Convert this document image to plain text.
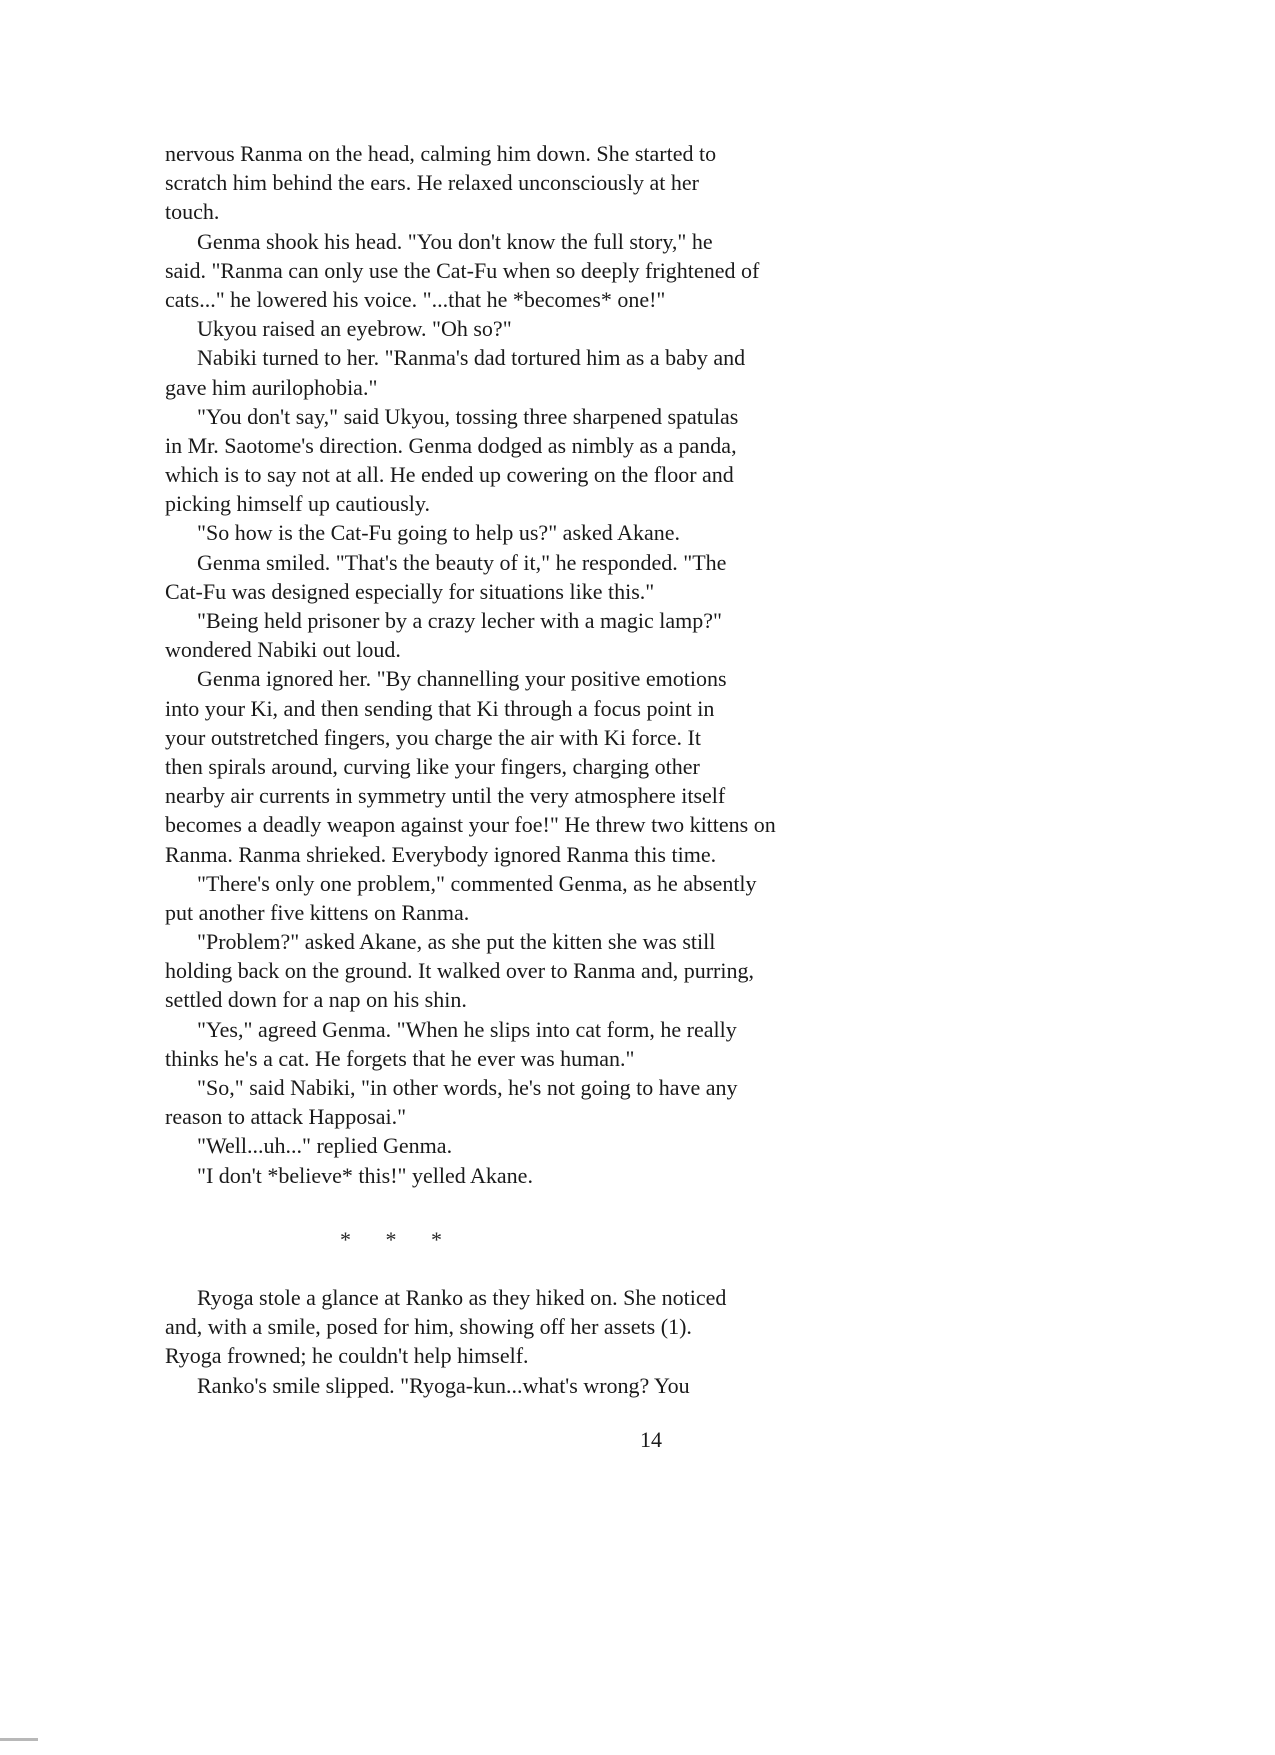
nervous Ranma on the head, calming him down. She started to
scratch him behind the ears. He relaxed unconsciously at her
touch.
Genma shook his head. "You don't know the full story," he
said. "Ranma can only use the Cat-Fu when so deeply frightened of
cats..." he lowered his voice. "...that he *becomes* one!"
Ukyou raised an eyebrow. "Oh so?"
Nabiki turned to her. "Ranma's dad tortured him as a baby and
gave him aurilophobia."
"You don't say," said Ukyou, tossing three sharpened spatulas
in Mr. Saotome's direction. Genma dodged as nimbly as a panda,
which is to say not at all. He ended up cowering on the floor and
picking himself up cautiously.
"So how is the Cat-Fu going to help us?" asked Akane.
Genma smiled. "That's the beauty of it," he responded. "The
Cat-Fu was designed especially for situations like this."
"Being held prisoner by a crazy lecher with a magic lamp?"
wondered Nabiki out loud.
Genma ignored her. "By channelling your positive emotions
into your Ki, and then sending that Ki through a focus point in
your outstretched fingers, you charge the air with Ki force. It
then spirals around, curving like your fingers, charging other
nearby air currents in symmetry until the very atmosphere itself
becomes a deadly weapon against your foe!" He threw two kittens on
Ranma. Ranma shrieked. Everybody ignored Ranma this time.
"There's only one problem," commented Genma, as he absently
put another five kittens on Ranma.
"Problem?" asked Akane, as she put the kitten she was still
holding back on the ground. It walked over to Ranma and, purring,
settled down for a nap on his shin.
"Yes," agreed Genma. "When he slips into cat form, he really
thinks he's a cat. He forgets that he ever was human."
"So," said Nabiki, "in other words, he's not going to have any
reason to attack Happosai."
"Well...uh..." replied Genma.
"I don't *believe* this!" yelled Akane.
* * *
Ryoga stole a glance at Ranko as they hiked on. She noticed
and, with a smile, posed for him, showing off her assets (1).
Ryoga frowned; he couldn't help himself.
Ranko's smile slipped. "Ryoga-kun...what's wrong? You
14
